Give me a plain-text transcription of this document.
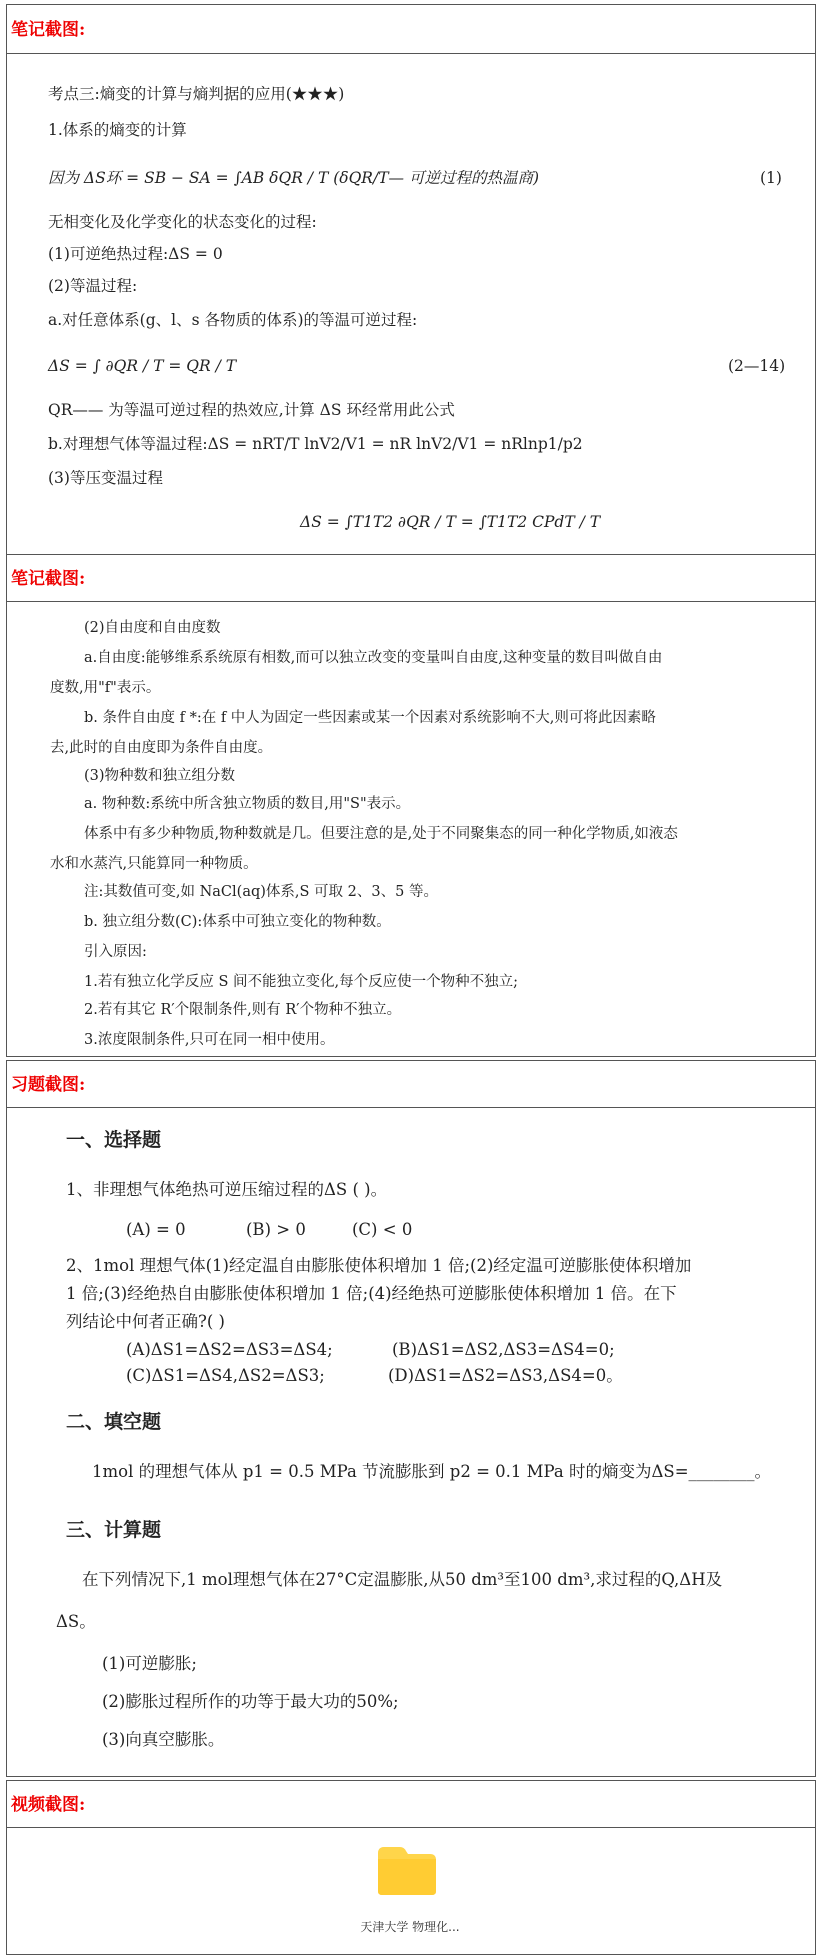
笔记截图:
考点三:熵变的计算与熵判据的应用(★★★)
1.体系的熵变的计算
因为 ΔS环 = SB − SA = ∫AB δQR / T (δQR/T— 可逆过程的热温商)	(1)
无相变化及化学变化的状态变化的过程:
(1)可逆绝热过程:ΔS = 0
(2)等温过程:
a.对任意体系(g、l、s 各物质的体系)的等温可逆过程:
ΔS = ∫ ∂QR / T = QR / T	(2—14)
QR—— 为等温可逆过程的热效应,计算 ΔS 环经常用此公式
b.对理想气体等温过程:ΔS = nRT/T lnV2/V1 = nR lnV2/V1 = nRlnp1/p2
(3)等压变温过程
ΔS = ∫T1T2 ∂QR / T = ∫T1T2 CPdT / T
笔记截图:
(2)自由度和自由度数
a.自由度:能够维系系统原有相数,而可以独立改变的变量叫自由度,这种变量的数目叫做自由
度数,用"f"表示。
b. 条件自由度 f *:在 f 中人为固定一些因素或某一个因素对系统影响不大,则可将此因素略
去,此时的自由度即为条件自由度。
(3)物种数和独立组分数
a. 物种数:系统中所含独立物质的数目,用"S"表示。
体系中有多少种物质,物种数就是几。但要注意的是,处于不同聚集态的同一种化学物质,如液态
水和水蒸汽,只能算同一种物质。
注:其数值可变,如 NaCl(aq)体系,S 可取 2、3、5 等。
b. 独立组分数(C):体系中可独立变化的物种数。
引入原因:
1.若有独立化学反应 S 间不能独立变化,每个反应使一个物种不独立;
2.若有其它 R′个限制条件,则有 R′个物种不独立。
3.浓度限制条件,只可在同一相中使用。
习题截图:
一、选择题
1、非理想气体绝热可逆压缩过程的ΔS ( )。
(A) = 0	(B) > 0	(C) < 0
2、1mol 理想气体(1)经定温自由膨胀使体积增加 1 倍;(2)经定温可逆膨胀使体积增加
1 倍;(3)经绝热自由膨胀使体积增加 1 倍;(4)经绝热可逆膨胀使体积增加 1 倍。在下
列结论中何者正确?( )
(A)ΔS1=ΔS2=ΔS3=ΔS4;	(B)ΔS1=ΔS2,ΔS3=ΔS4=0;
(C)ΔS1=ΔS4,ΔS2=ΔS3;	(D)ΔS1=ΔS2=ΔS3,ΔS4=0。
二、填空题
1mol 的理想气体从 p1 = 0.5 MPa 节流膨胀到 p2 = 0.1 MPa 时的熵变为ΔS=________。
三、计算题
在下列情况下,1 mol理想气体在27°C定温膨胀,从50 dm³至100 dm³,求过程的Q,ΔH及
ΔS。
(1)可逆膨胀;
(2)膨胀过程所作的功等于最大功的50%;
(3)向真空膨胀。
视频截图:
天津大学 物理化...
